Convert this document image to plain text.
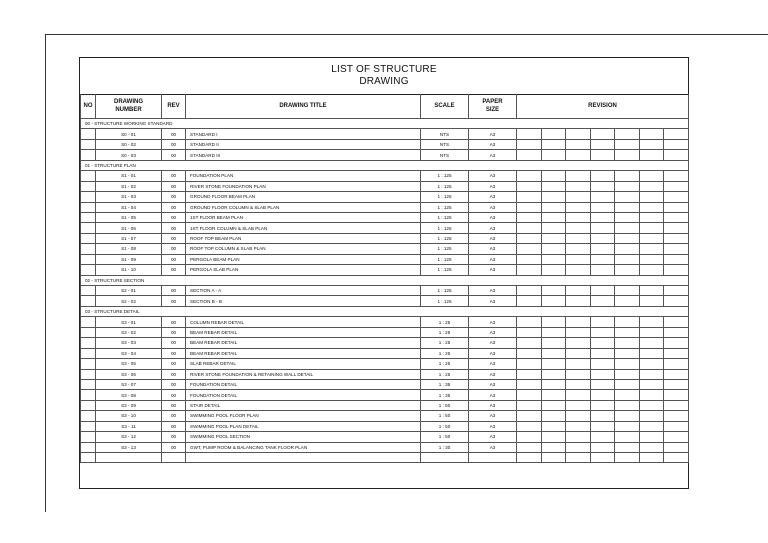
LIST OF STRUCTURE
DRAWING
NO	DRAWING NUMBER	REV	DRAWING TITLE	SCALE	PAPER SIZE	REVISION						
00 - STRUCTURE WORKING STANDARD												
	S0 - 01	00	STANDARD I	NTS	A3							
	S0 - 02	00	STANDARD II	NTS	A3							
	S0 - 03	00	STANDARD III	NTS	A3							
01 - STRUCTURE PLAN												
	S1 - 01	00	FOUNDATION PLAN	1 : 125	A3							
	S1 - 02	00	RIVER STONE FOUNDATION PLAN	1 : 125	A3							
	S1 - 03	00	GROUND FLOOR BEAM PLAN	1 : 125	A3							
	S1 - 04	00	GROUND FLOOR COLUMN & SLAB PLAN	1 : 125	A3							
	S1 - 05	00	1ST FLOOR BEAM PLAN	1 : 125	A3							
	S1 - 06	00	1ST FLOOR COLUMN & SLAB PLAN	1 : 125	A3							
	S1 - 07	00	ROOF TOP BEAM PLAN	1 : 125	A3							
	S1 - 08	00	ROOF TOP COLUMN & SLAB PLAN	1 : 125	A3							
	S1 - 09	00	PERGOLA BEAM PLAN	1 : 125	A3							
	S1 - 10	00	PERGOLA SLAB PLAN	1 : 125	A3							
02 - STRUCTURE SECTION												
	S2 - 01	00	SECTION A - A	1 : 125	A3							
	S2 - 02	00	SECTION B - B	1 : 125	A3							
03 - STRUCTURE DETAIL												
	S3 - 01	00	COLUMN REBAR DETAIL	1 : 25	A3							
	S3 - 02	00	BEAM REBAR DETAIL	1 : 25	A3							
	S3 - 03	00	BEAM REBAR DETAIL	1 : 25	A3							
	S3 - 04	00	BEAM REBAR DETAIL	1 : 25	A3							
	S3 - 05	00	SLAB REBAR DETAIL	1 : 25	A3							
	S3 - 06	00	RIVER STONE FOUNDATION & RETAINING WALL DETAIL	1 : 25	A3							
	S3 - 07	00	FOUNDATION DETAIL	1 : 35	A3							
	S3 - 08	00	FOUNDATION DETAIL	1 : 35	A3							
	S3 - 09	00	STAIR DETAIL	1 : 50	A3							
	S3 - 10	00	SWIMMING POOL FLOOR PLAN	1 : 50	A3							
	S3 - 11	00	SWIMMING POOL PLAN DETAIL	1 : 50	A3							
	S3 - 12	00	SWIMMING POOL SECTION	1 : 50	A3							
	S3 - 13	00	GWT, PUMP ROOM & BALANCING TANK FLOOR PLAN	1 : 30	A3							
